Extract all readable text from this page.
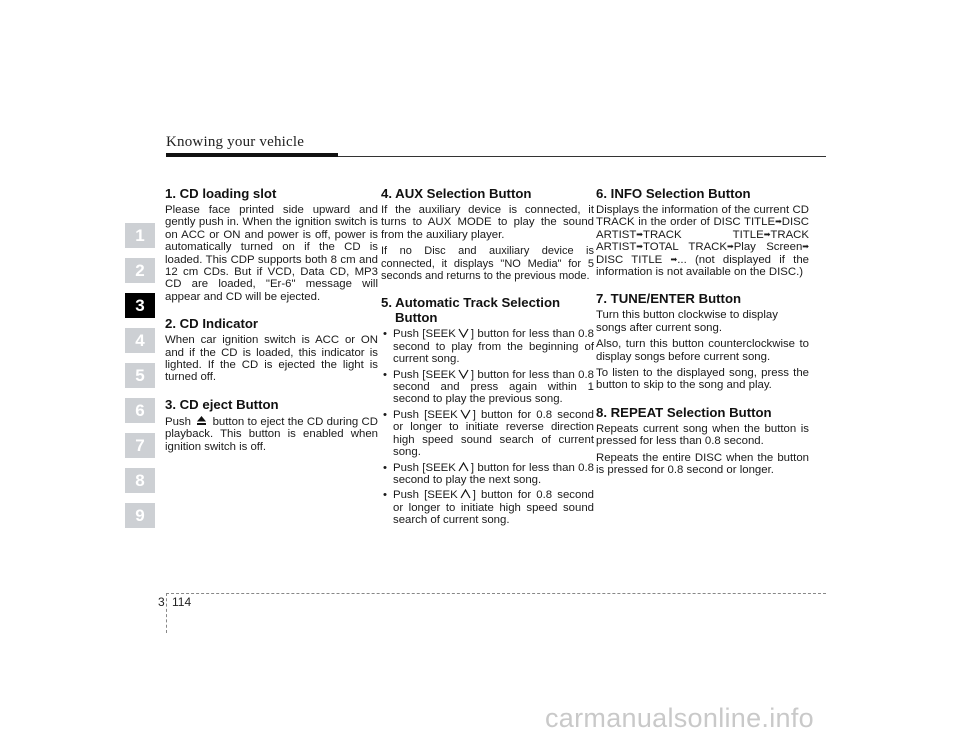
Knowing your vehicle
1
2
3
4
5
6
7
8
9
1. CD loading slot

Please face printed side upward and gently push in. When the ignition switch is on ACC or ON and power is off, power is automatically turned on if the CD is loaded. This CDP supports both 8 cm and 12 cm CDs. But if VCD, Data CD, MP3 CD are loaded, "Er-6" message will appear and CD will be ejected.

2. CD Indicator

When car ignition switch is ACC or ON and if the CD is loaded, this indicator is lighted. If the CD is ejected the light is turned off.

3. CD eject Button

Push button to eject the CD during CD playback. This button is enabled when ignition switch is off.

4. AUX Selection Button

If the auxiliary device is connected, it turns to AUX MODE to play the sound from the auxiliary player.

If no Disc and auxiliary device is connected, it displays "NO Media" for 5 seconds and returns to the previous mode.

5. Automatic Track Selection
Button
• Push [SEEK ] button for less than 0.8 second to play from the beginning of current song.
• Push [SEEK ] button for less than 0.8 second and press again within 1 second to play the previous song.
• Push [SEEK ] button for 0.8 second or longer to initiate reverse direction high speed sound search of current song.
• Push [SEEK ] button for less than 0.8 second to play the next song.
• Push [SEEK ] button for 0.8 second or longer to initiate high speed sound search of current song.
6. INFO Selection Button

Displays the information of the current CD TRACK in the order of DISC TITLE➡DISC ARTIST➡TRACK TITLE➡TRACK ARTIST➡TOTAL TRACK➡Play Screen➡ DISC TITLE ➡... (not displayed if the information is not available on the DISC.)

7. TUNE/ENTER Button

Turn this button clockwise to display songs after current song.

Also, turn this button counterclockwise to display songs before current song.

To listen to the displayed song, press the button to skip to the song and play.

8. REPEAT Selection Button

Repeats current song when the button is pressed for less than 0.8 second.

Repeats the entire DISC when the button is pressed for 0.8 second or longer.

3 114
carmanualsonline.info
